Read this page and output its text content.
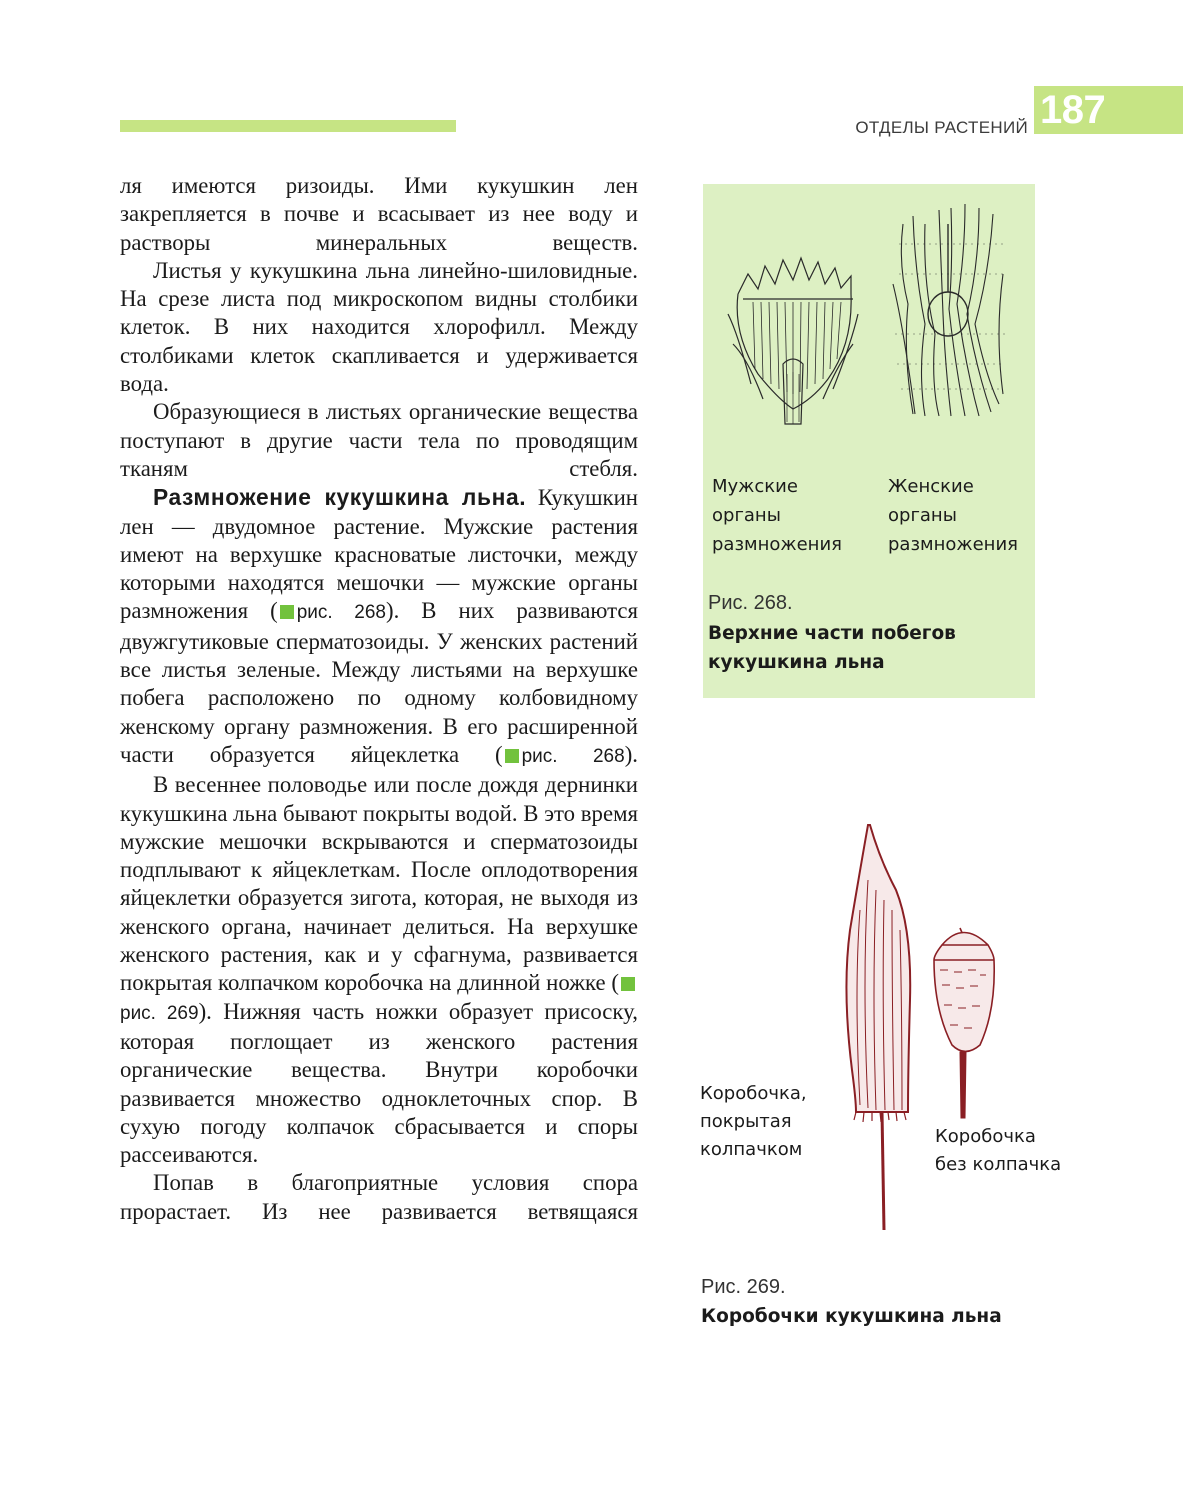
ОТДЕЛЫ РАСТЕНИЙ 187

ля имеются ризоиды. Ими кукушкин лен закрепляется в почве и всасывает из нее воду и растворы минеральных веществ.

Листья у кукушкина льна линейно-шиловидные. На срезе листа под микроскопом видны столбики клеток. В них находится хлорофилл. Между столбиками клеток скапливается и удерживается вода.

Образующиеся в листьях органические вещества поступают в другие части тела по проводящим тканям стебля.

Размножение кукушкина льна. Кукушкин лен — двудомное растение. Мужские растения имеют на верхушке красноватые листочки, между которыми находятся мешочки — мужские органы размножения ( рис. 268). В них развиваются двужгутиковые сперматозоиды. У женских растений все листья зеленые. Между листьями на верхушке побега расположено по одному колбовидному женскому органу размножения. В его расширенной части образуется яйцеклетка ( рис. 268).

В весеннее половодье или после дождя дернинки кукушкина льна бывают покрыты водой. В это время мужские мешочки вскрываются и сперматозоиды подплывают к яйцеклеткам. После оплодотворения яйцеклетки образуется зигота, которая, не выходя из женского органа, начинает делиться. На верхушке женского растения, как и у сфагнума, развивается покрытая колпачком коробочка на длинной ножке (рис. 269). Нижняя часть ножки образует присоску, которая поглощает из женского растения органические вещества. Внутри коробочки развивается множество одноклеточных спор. В сухую погоду колпачок сбрасывается и споры рассеиваются.

Попав в благоприятные условия спора прорастает. Из нее развивается ветвящаяся

Мужские
органы
размножения
Женские
органы
размножения
Рис. 268.
Верхние части побегов
кукушкина льна
Коробочка,
покрытая
колпачком
Коробочка
без колпачка
Рис. 269.
Коробочки кукушкина льна
